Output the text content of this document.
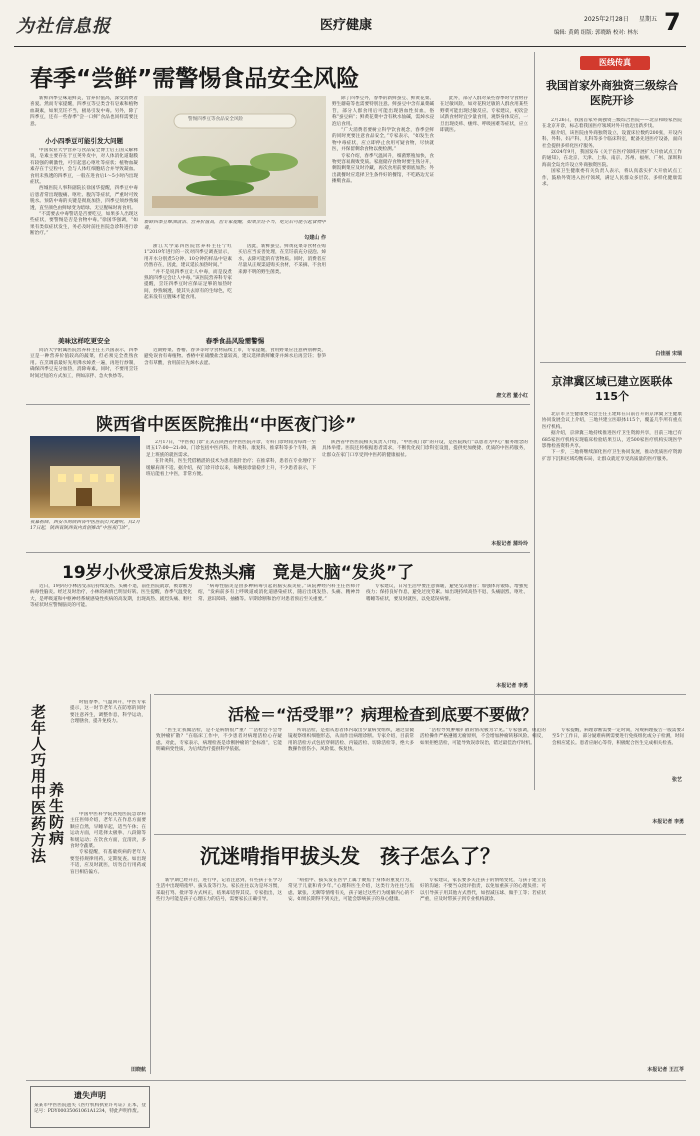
为社信息报	医疗健康	2025年2月28日 星期五 7
编辑: 黄鹤 组版: 郭晓路 校对: 林东
春季“尝鲜”需警惕食品安全风险

新鲜四季豆味道鲜美，营养价值高，深受消费者喜爱。然而专家提醒，四季豆等豆类含有皂素和植物血凝素，如果烹饪不当，极易引发中毒。另外，除了四季豆，还有一些春季“尝一口鲜”食品也同样需要注意。

小小四季豆可能引发大问题

中国农业大学营养与食品安全博士后王国义解释说，皂素主要存在于豆荚外皮中，对人体消化道黏膜有较强的刺激性，可引起恶心呕吐等症状；植物血凝素存在于豆粒中，会与人体红细胞结合并导致凝血。食用未熟透的四季豆，一般在进食后1～5小时内出现症状。

西城医院人事科副院长徐国华提醒，四季豆中毒后患者常出现腹痛、呕吐、腹泻等症状，严重时可致脱水。预防中毒的关键是彻底加热，四季豆须炒熟焖透，直至颜色由鲜绿变为暗绿、无豆腥味时再食用。

“不需要去中毒警话是否要吃豆，如果多人出现这些症状，要警惕是否是食物中毒。”徐国华强调，“如果有类似症状发生，务必及时前往医院急诊科进行诊断治疗。”

美味这样吃更安全

同济大学附属医院营养科主任王兴国表示，四季豆是一种营养价值较高的蔬菜，但必须完全煮熟食用。在烹调前最好先用沸水焯煮一遍，再进行炒制，确保四季豆充分加热，消除毒素。同时，不要用烹饪时间过短的方式加工，例如凉拌、急火快炒等。

警惕四季豆等食品安全风险
新鲜四季豆维油清洁、营养价值高，但专家提醒，如果烹饪不当，吃完后可能引起食物中毒。
勾建山 作

浙江大学第四医院营养科主任宁红1“2019年进行的一次对四季豆调查显示，用开水分别煮5分钟、10分钟的样品中皂素仍然存在，因此，建议延长加热时间。”

“并不是说四季豆让人中毒，而是没煮熟的四季豆会让人中毒。”该医院营养科专家提醒，烹饪四季豆时应保证足够的加热时间，炒熟焖透，使其失去原有的生绿色，吃起来没有豆腥味才能食用。

因此，新鲜蚕豆、鲜黄花菜等食材在购买后应当妥善处理，在烹饪前充分浸泡、焯水，去除可能的有害物质。同时，消费者应尽量从正规渠道购买食材，不采摘、不食用来源不明的野生菌类。

春季食品风险需警惕

近期野菜、香椿、春笋等时令食材陆续上市，专家提醒，食用野菜应注意辨别种类，避免误食有毒植物。香椿中亚硝酸盐含量较高，建议选择新鲜嫩芽并焯水后再烹饪；春笋含有草酸，食用前应先焯水去涩。

除了四季豆外，春季的新鲜蚕豆、鲜黄花菜、野生蘑菇等也需要特别注意。鲜蚕豆中含有巢菜碱苷，部分人群食用后可能出现溶血性贫血，俗称“蚕豆病”；鲜黄花菜中含有秋水仙碱，需焯水浸泡后食用。

“广大消费者要树立科学饮食观念，春季尝鲜的同时更要注意食品安全，”专家表示，“如发生食物中毒症状，应立即停止食用可疑食物，尽快就医，并保留剩余食物以便检测。”

专家介绍，春季气温回升，细菌繁殖加快，食物更容易腐败变质。家庭储存食物时要生熟分开，剩饭剩菜应及时冷藏，再次食用前要彻底加热；外出就餐时应选择卫生条件好的餐馆，不吃路边无证摊贩食品。

此外，部分人群对某些春季时令食材存在过敏风险，如对花粉过敏的人群食用某些野菜可能出现过敏反应。专家建议，初次尝试新食材时宜少量食用，观察身体反应，一旦出现皮疹、瘙痒、呼吸困难等症状，应立即就医。

唐文君 董小红
医线传真
我国首家外商独资三级综合医院开诊

2月26日，我国首家外商独资三级综合医院——北京和睦家医院在北京开诊，标志着我国医疗领域对外开放迈出新步伐。

据介绍，该医院由外商独资设立，设置床位数约200张，开设内科、外科、妇产科、儿科等多个临床科室，配备先进医疗设备，面向社会提供多样化医疗服务。

2024年9月，我国发布《关于在医疗领域开展扩大开放试点工作的通知》，在北京、天津、上海、南京、苏州、福州、广州、深圳和海南全岛允许设立外商独资医院。

国家卫生健康委有关负责人表示，将认真落实扩大开放试点工作，鼓励外资进入医疗领域，满足人民群众多层次、多样化健康需求。

白佳丽 宋瑞
京津冀区域已建立医联体115个

北京市卫生健康委员会主任王建辉在日前召开的京津冀卫生健康协同发展会议上介绍，三地共建立医联体115个，覆盖几乎所有重点医疗机构。

据介绍，京津冀三地持续推进医疗卫生资源共享，目前三地已有685家医疗机构实现临床检验结果互认，近500家医疗机构实现医学影像检查资料共享。

下一步，三地将继续深化医疗卫生协同发展，推动优质医疗资源扩容下沉和区域均衡布局，让群众就近享受高质量的医疗服务。

张艺
陕西省中医医院推出“中医夜门诊”
夜幕初降，西安市的陕西省中医医院灯火通明。自2月17日起，陕西省陕西省内首创推出“中医夜门诊”。

2月17日，“中医夜门诊”正式在陕西省中医医院开诊，专科门诊时间为每周一至周五17:00—21:00。门诊包括中医内科、针灸科、康复科、推拿科等多个专科，满足上班族的就医需求。

在针灸科，医生凭借精湛的技术为患者施针治疗；在推拿科，患者在专业理疗下缓解肩颈不适。据介绍，夜门诊开诊以来，每晚接诊量稳步上升，不少患者表示，下班后能看上中医，非常方便。

陕西省中医医院相关负责人介绍，“中医夜门诊”的开设，是医院践行“以患者为中心”服务理念的具体举措。医院还将根据患者需求，不断优化夜门诊科室设置，提供更加便捷、优质的中医药服务，让群众在家门口享受到中医药的健康福祉。

本报记者 蒲玲玲
19岁小伙受凉后发热头痛　竟是大脑“发炎”了

近日，19岁的小林因受凉后持续发热、头痛不退，前往医院就诊，被诊断为病毒性脑炎。经过及时治疗，小林的病情已明显好转。医生提醒，春季气温变化大，是呼吸道和中枢神经系统感染性疾病的高发期，出现高热、剧烈头痛、呕吐等症状时应警惕脑炎的可能。

“病毒性脑炎是由多种病毒引起的脑实质炎症。”该院神经内科主任医师介绍，“发病前多有上呼吸道或消化道感染症状，随后出现发热、头痛、精神异常、意识障碍、抽搐等。早期诊断和治疗对患者预后至关重要。”

专家建议，日常生活中要注意保暖，避免受凉感冒；加强体育锻炼，增强免疫力；保持良好作息，避免过度劳累。如出现持续高热不退、头痛剧烈、呕吐、嗜睡等症状，要及时就医，以免延误病情。

本报记者 李勇
老年人巧用中医药方法 养生防病

时值春季，气温回升，中医专家提示，这一时节老年人在防寒的同时要注意养生，调整作息，科学运动，合理膳食，提升免疫力。

中国中医科学院西苑医院急诊科主任医师介绍，老年人在作息方面要顺应自然，早睡早起，适当午休；在运动方面，可选择太极拳、八段锦等和缓运动；在饮食方面，宜清淡，多食时令蔬菜。

专家提醒，有基础疾病的老年人要坚持规律用药，定期复查。如出现不适，应及时就医，切勿自行用药或盲目相信偏方。

田晓航
活检＝“活受罪”？病理检查到底要不要做？

“医生让我做活检，是不是病情很严重？”“活检会不会导致肿瘤扩散？”在临床工作中，不少患者对病理活检心存疑虑。对此，专家表示，病理检查是诊断肿瘤的“金标准”，它能明确病变性质，为后续治疗提供科学依据。

所谓活检，是指从患者体内取出少量病变组织，通过显微镜观察组织细胞形态，从而作出病理诊断。专家介绍，目前常用的活检方式包括穿刺活检、内镜活检、切除活检等，绝大多数操作创伤小、风险低、恢复快。

“活检导致肿瘤扩散的情况极为罕见。”专家强调，规范的活检操作严格遵循无瘤原则，不会增加肿瘤转移风险。相反，如果拒绝活检，可能导致误诊误治，错过最佳治疗时机。

专家提醒，病理诊断需要一定时间，常规病理报告一般需要3至5个工作日，部分疑难病例需要进行免疫组化或分子检测，时间会相应延长。患者应耐心等待，积极配合医生完成相关检查。

本报记者 李勇
沉迷啃指甲拔头发　孩子怎么了？

新学期已经开启，进行中，记者注意到，有些孩子在学习生活中出现啃指甲、拔头发等行为。家长往往以为是坏习惯，采取打骂、批评等方式纠正，结果却适得其反。专家指出，这些行为可能是孩子心理压力的信号，需要家长正确引导。

“啃指甲、拔头发在医学上属于聚焦于身体的重复行为，常见于儿童和青少年。”心理科医生介绍，这类行为往往与焦虑、紧张、无聊等情绪有关，孩子通过这些行为缓解内心的不安。如果长期得不到关注，可能会影响孩子的身心健康。

专家建议，家长要多关注孩子的情绪变化，与孩子建立良好的沟通；不要当众批评指责，以免加重孩子的心理负担；可以引导孩子用其他方式替代，如捏减压球、做手工等；若症状严重，应及时带孩子到专业机构就诊。

本报记者 王江苓
遗失声明
某某市中医医院遗失《医疗机构执业许可证》正本，登记号：PDY00035061061A1234，特此声明作废。
